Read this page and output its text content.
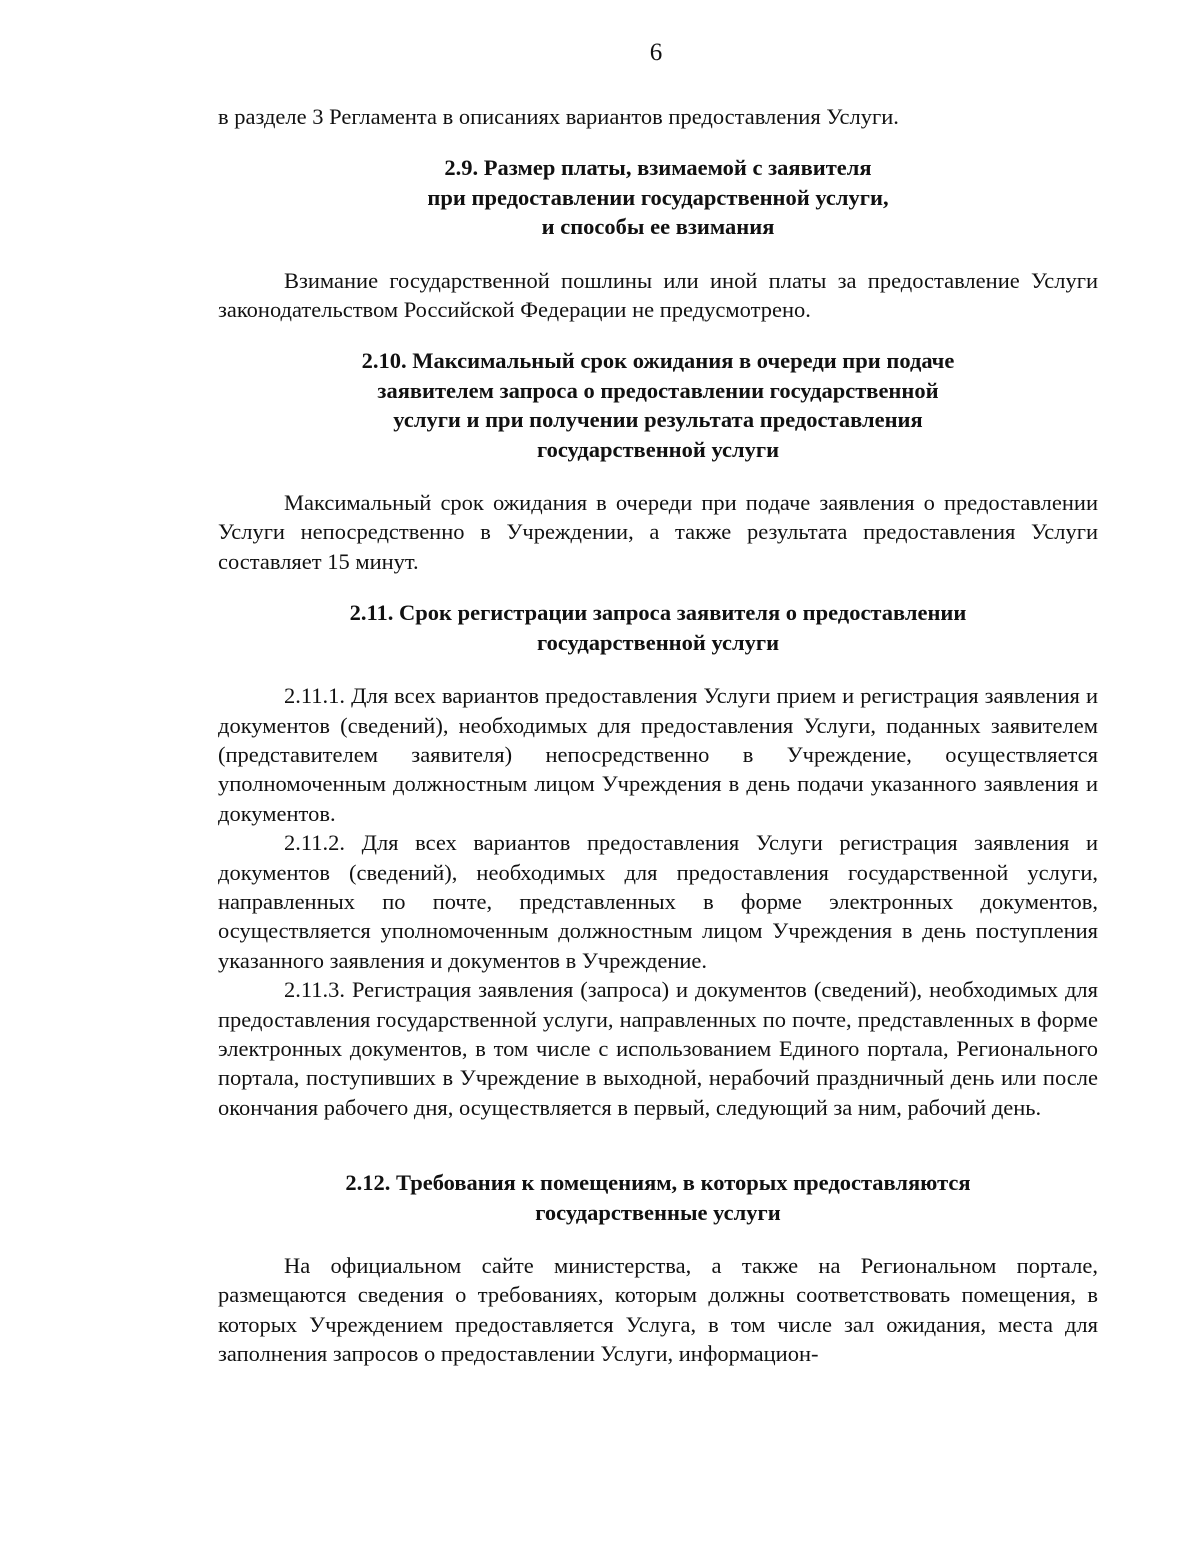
6

в разделе 3 Регламента в описаниях вариантов предоставления Услуги.

2.9. Размер платы, взимаемой с заявителя
при предоставлении государственной услуги,
и способы ее взимания

Взимание государственной пошлины или иной платы за предоставление Услуги законодательством Российской Федерации не предусмотрено.

2.10. Максимальный срок ожидания в очереди при подаче
заявителем запроса о предоставлении государственной
услуги и при получении результата предоставления
государственной услуги

Максимальный срок ожидания в очереди при подаче заявления о предоставлении Услуги непосредственно в Учреждении, а также результата предоставления Услуги составляет 15 минут.

2.11. Срок регистрации запроса заявителя о предоставлении
государственной услуги

2.11.1. Для всех вариантов предоставления Услуги прием и регистрация заявления и документов (сведений), необходимых для предоставления Услуги, поданных заявителем (представителем заявителя) непосредственно в Учреждение, осуществляется уполномоченным должностным лицом Учреждения в день подачи указанного заявления и документов.

2.11.2. Для всех вариантов предоставления Услуги регистрация заявления и документов (сведений), необходимых для предоставления государственной услуги, направленных по почте, представленных в форме электронных документов, осуществляется уполномоченным должностным лицом Учреждения в день поступления указанного заявления и документов в Учреждение.

2.11.3. Регистрация заявления (запроса) и документов (сведений), необходимых для предоставления государственной услуги, направленных по почте, представленных в форме электронных документов, в том числе с использованием Единого портала, Регионального портала, поступивших в Учреждение в выходной, нерабочий праздничный день или после окончания рабочего дня, осуществляется в первый, следующий за ним, рабочий день.

2.12. Требования к помещениям, в которых предоставляются
государственные услуги

На официальном сайте министерства, а также на Региональном портале, размещаются сведения о требованиях, которым должны соответствовать помещения, в которых Учреждением предоставляется Услуга, в том числе зал ожидания, места для заполнения запросов о предоставлении Услуги, информацион-
